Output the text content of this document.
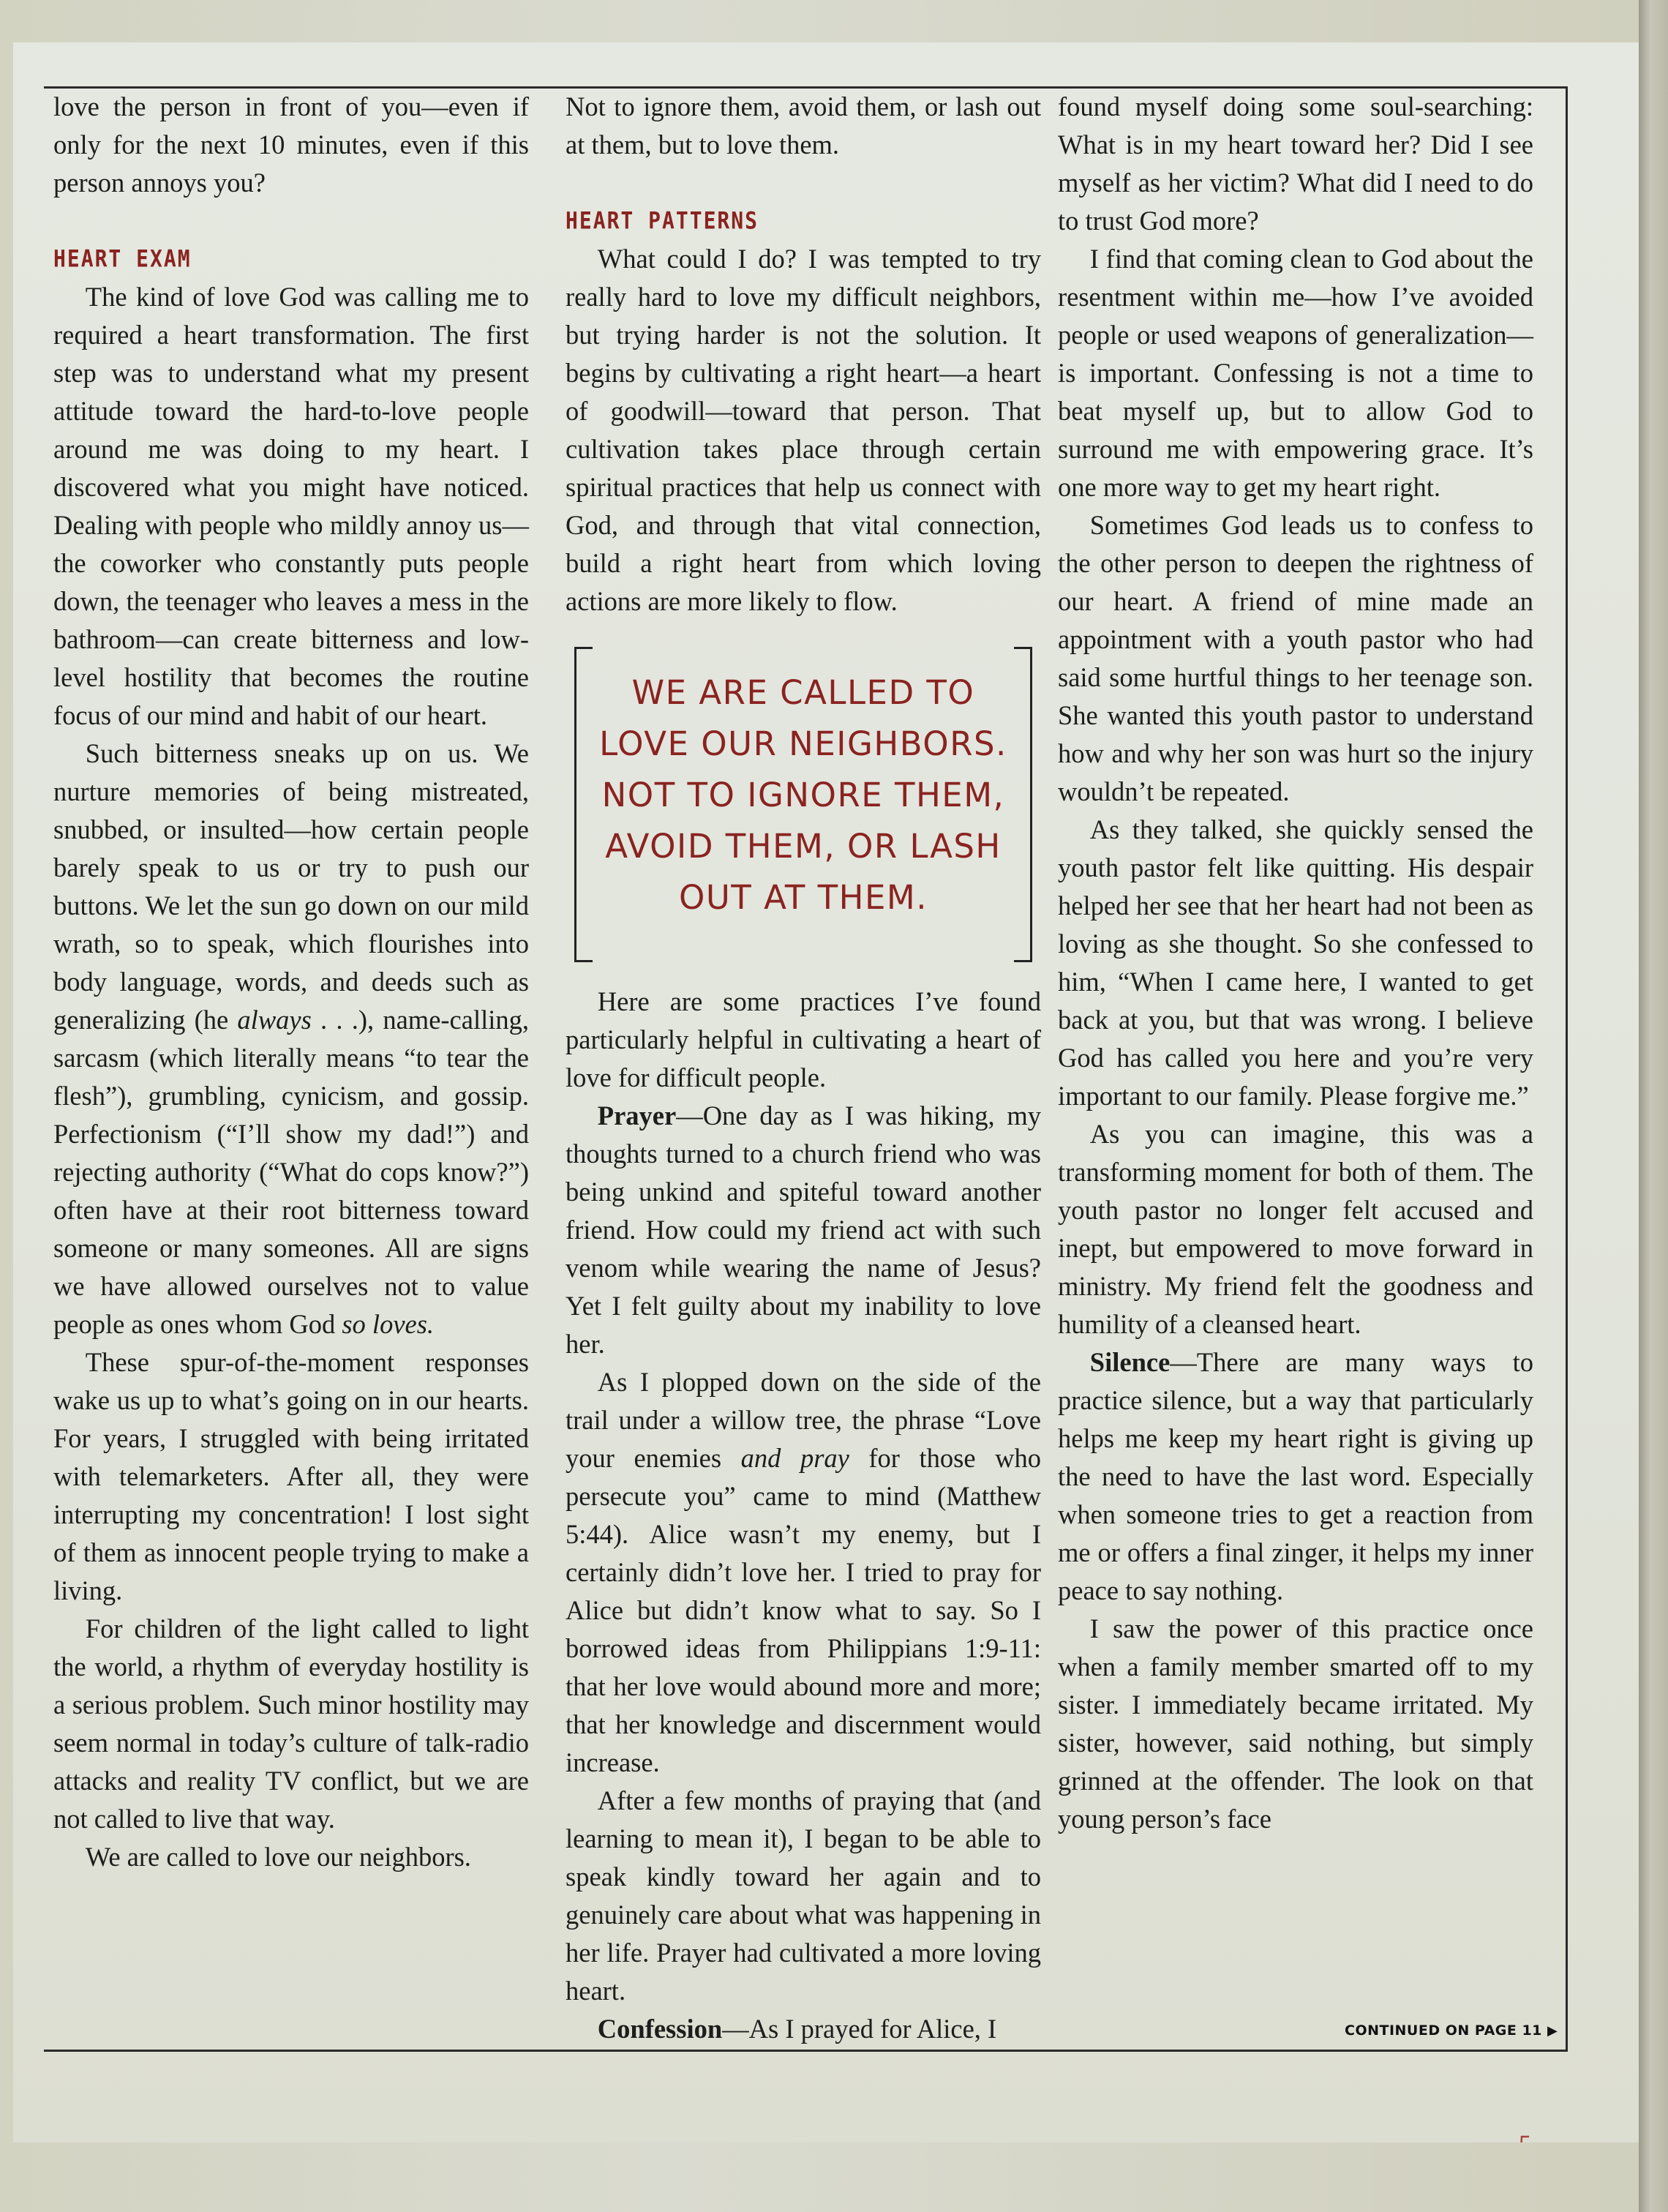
love the person in front of you—even if only for the next 10 minutes, even if this person annoys you?

HEART EXAM

The kind of love God was calling me to required a heart transformation. The first step was to understand what my present attitude toward the hard-to-love people around me was doing to my heart. I discovered what you might have noticed. Dealing with people who mildly annoy us—the coworker who constantly puts people down, the teenager who leaves a mess in the bathroom—can create bitterness and low-level hostility that becomes the routine focus of our mind and habit of our heart.

Such bitterness sneaks up on us. We nurture memories of being mistreated, snubbed, or insulted—how certain people barely speak to us or try to push our buttons. We let the sun go down on our mild wrath, so to speak, which flourishes into body language, words, and deeds such as generalizing (he always . . .), name-calling, sarcasm (which literally means “to tear the flesh”), grumbling, cynicism, and gossip. Perfectionism (“I’ll show my dad!”) and rejecting authority (“What do cops know?”) often have at their root bitterness toward someone or many someones. All are signs we have allowed ourselves not to value people as ones whom God so loves.

These spur-of-the-moment responses wake us up to what’s going on in our hearts. For years, I struggled with being irritated with telemarketers. After all, they were interrupting my concentration! I lost sight of them as innocent people trying to make a living.

For children of the light called to light the world, a rhythm of everyday hostility is a serious problem. Such minor hostility may seem normal in today’s culture of talk-radio attacks and reality TV conflict, but we are not called to live that way.

We are called to love our neighbors.

Not to ignore them, avoid them, or lash out at them, but to love them.

HEART PATTERNS

What could I do? I was tempted to try really hard to love my difficult neighbors, but trying harder is not the solution. It begins by cultivating a right heart—a heart of goodwill—toward that person. That cultivation takes place through certain spiritual practices that help us connect with God, and through that vital connection, build a right heart from which loving actions are more likely to flow.

WE ARE CALLED TO LOVE OUR NEIGHBORS. NOT TO IGNORE THEM, AVOID THEM, OR LASH OUT AT THEM.

Here are some practices I’ve found particularly helpful in cultivating a heart of love for difficult people.

Prayer—One day as I was hiking, my thoughts turned to a church friend who was being unkind and spiteful toward another friend. How could my friend act with such venom while wearing the name of Jesus? Yet I felt guilty about my inability to love her.

As I plopped down on the side of the trail under a willow tree, the phrase “Love your enemies and pray for those who persecute you” came to mind (Matthew 5:44). Alice wasn’t my enemy, but I certainly didn’t love her. I tried to pray for Alice but didn’t know what to say. So I borrowed ideas from Philippians 1:9-11: that her love would abound more and more; that her knowledge and discernment would increase.

After a few months of praying that (and learning to mean it), I began to be able to speak kindly toward her again and to genuinely care about what was happening in her life. Prayer had cultivated a more loving heart.

Confession—As I prayed for Alice, I

found myself doing some soul-searching: What is in my heart toward her? Did I see myself as her victim? What did I need to do to trust God more?

I find that coming clean to God about the resentment within me—how I’ve avoided people or used weapons of generalization—is important. Confessing is not a time to beat myself up, but to allow God to surround me with empowering grace. It’s one more way to get my heart right.

Sometimes God leads us to confess to the other person to deepen the rightness of our heart. A friend of mine made an appointment with a youth pastor who had said some hurtful things to her teenage son. She wanted this youth pastor to understand how and why her son was hurt so the injury wouldn’t be repeated.

As they talked, she quickly sensed the youth pastor felt like quitting. His despair helped her see that her heart had not been as loving as she thought. So she confessed to him, “When I came here, I wanted to get back at you, but that was wrong. I believe God has called you here and you’re very important to our family. Please forgive me.”

As you can imagine, this was a transforming moment for both of them. The youth pastor no longer felt accused and inept, but empowered to move forward in ministry. My friend felt the goodness and humility of a cleansed heart.

Silence—There are many ways to practice silence, but a way that particularly helps me keep my heart right is giving up the need to have the last word. Especially when someone tries to get a reaction from me or offers a final zinger, it helps my inner peace to say nothing.

I saw the power of this practice once when a family member smarted off to my sister. I immediately became irritated. My sister, however, said nothing, but simply grinned at the offender. The look on that young person’s face

CONTINUED ON PAGE 11 ▶
